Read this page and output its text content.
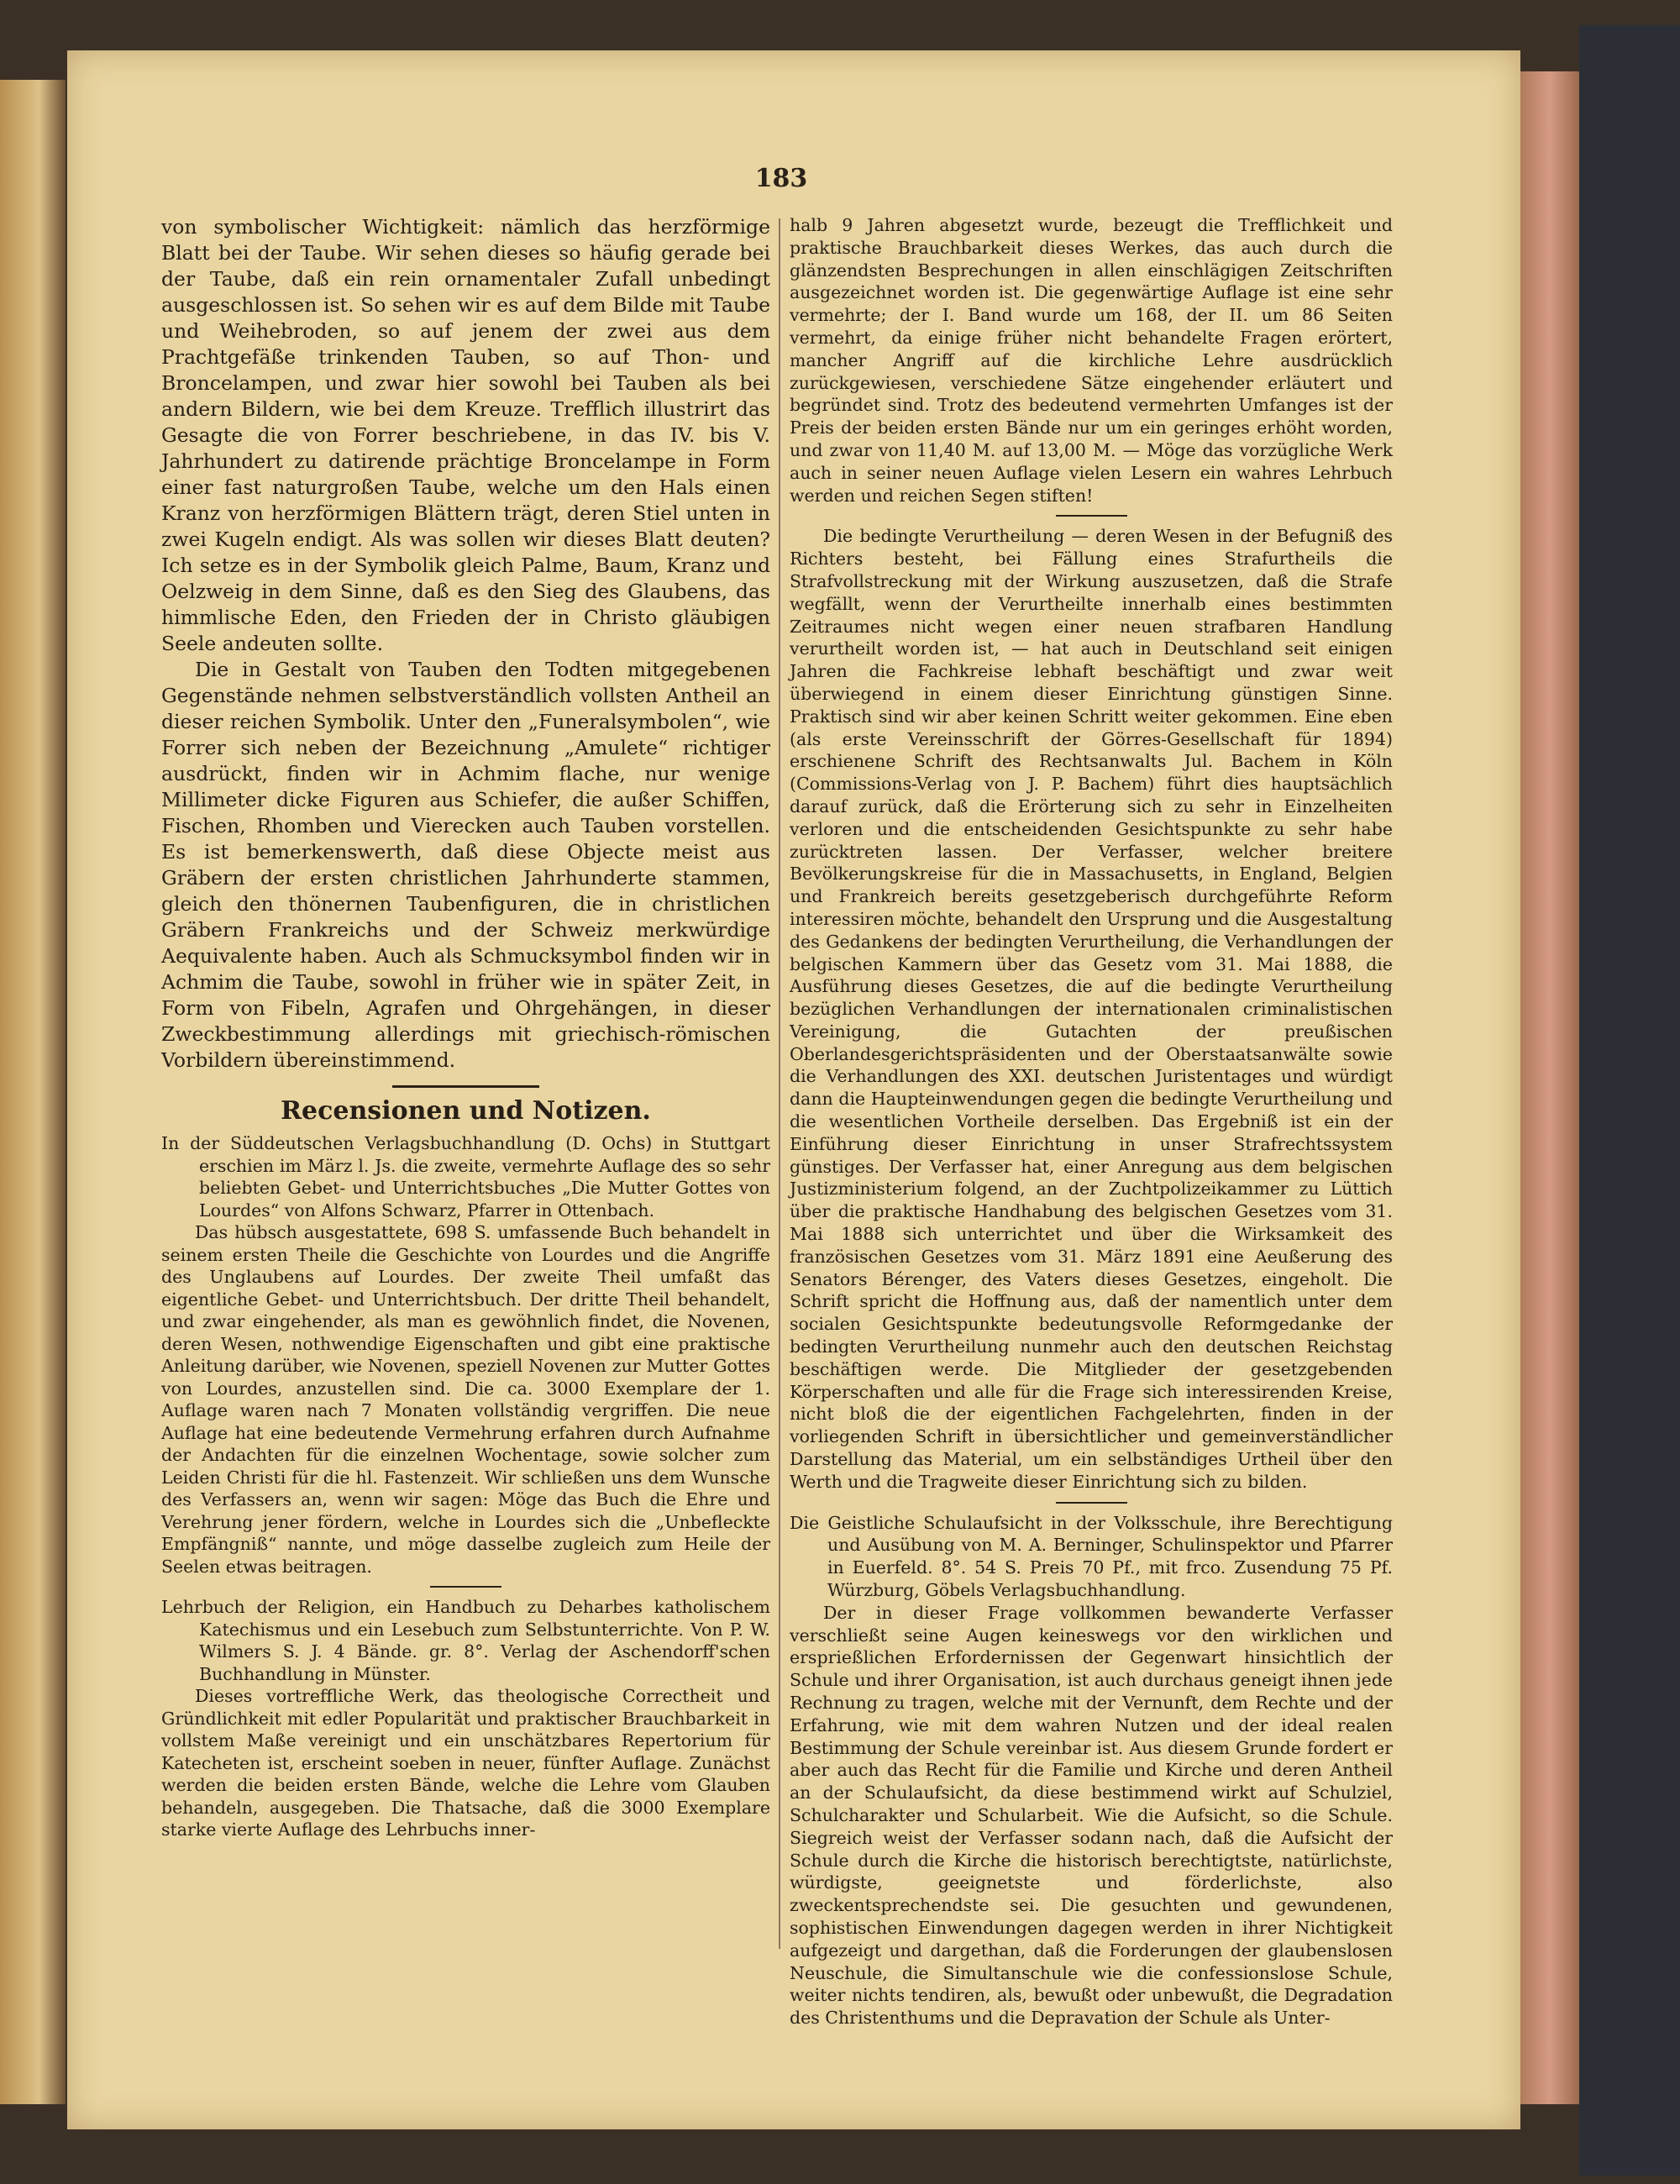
183

von symbolischer Wichtigkeit: nämlich das herzförmige Blatt bei der Taube. Wir sehen dieses so häufig gerade bei der Taube, daß ein rein ornamentaler Zufall unbedingt ausgeschlossen ist. So sehen wir es auf dem Bilde mit Taube und Weihebroden, so auf jenem der zwei aus dem Prachtgefäße trinkenden Tauben, so auf Thon- und Broncelampen, und zwar hier sowohl bei Tauben als bei andern Bildern, wie bei dem Kreuze. Trefflich illustrirt das Gesagte die von Forrer beschriebene, in das IV. bis V. Jahrhundert zu datirende prächtige Broncelampe in Form einer fast naturgroßen Taube, welche um den Hals einen Kranz von herzförmigen Blättern trägt, deren Stiel unten in zwei Kugeln endigt. Als was sollen wir dieses Blatt deuten? Ich setze es in der Symbolik gleich Palme, Baum, Kranz und Oelzweig in dem Sinne, daß es den Sieg des Glaubens, das himmlische Eden, den Frieden der in Christo gläubigen Seele andeuten sollte.

Die in Gestalt von Tauben den Todten mitgegebenen Gegenstände nehmen selbstverständlich vollsten Antheil an dieser reichen Symbolik. Unter den „Funeralsymbolen“, wie Forrer sich neben der Bezeichnung „Amulete“ richtiger ausdrückt, finden wir in Achmim flache, nur wenige Millimeter dicke Figuren aus Schiefer, die außer Schiffen, Fischen, Rhomben und Vierecken auch Tauben vorstellen. Es ist bemerkenswerth, daß diese Objecte meist aus Gräbern der ersten christlichen Jahrhunderte stammen, gleich den thönernen Taubenfiguren, die in christlichen Gräbern Frankreichs und der Schweiz merkwürdige Aequivalente haben. Auch als Schmucksymbol finden wir in Achmim die Taube, sowohl in früher wie in später Zeit, in Form von Fibeln, Agrafen und Ohrgehängen, in dieser Zweckbestimmung allerdings mit griechisch-römischen Vorbildern übereinstimmend.

Recensionen und Notizen.

In der Süddeutschen Verlagsbuchhandlung (D. Ochs) in Stuttgart erschien im März l. Js. die zweite, vermehrte Auflage des so sehr beliebten Gebet- und Unterrichtsbuches „Die Mutter Gottes von Lourdes“ von Alfons Schwarz, Pfarrer in Ottenbach.

Das hübsch ausgestattete, 698 S. umfassende Buch behandelt in seinem ersten Theile die Geschichte von Lourdes und die Angriffe des Unglaubens auf Lourdes. Der zweite Theil umfaßt das eigentliche Gebet- und Unterrichtsbuch. Der dritte Theil behandelt, und zwar eingehender, als man es gewöhnlich findet, die Novenen, deren Wesen, nothwendige Eigenschaften und gibt eine praktische Anleitung darüber, wie Novenen, speziell Novenen zur Mutter Gottes von Lourdes, anzustellen sind. Die ca. 3000 Exemplare der 1. Auflage waren nach 7 Monaten vollständig vergriffen. Die neue Auflage hat eine bedeutende Vermehrung erfahren durch Aufnahme der Andachten für die einzelnen Wochentage, sowie solcher zum Leiden Christi für die hl. Fastenzeit. Wir schließen uns dem Wunsche des Verfassers an, wenn wir sagen: Möge das Buch die Ehre und Verehrung jener fördern, welche in Lourdes sich die „Unbefleckte Empfängniß“ nannte, und möge dasselbe zugleich zum Heile der Seelen etwas beitragen.

Lehrbuch der Religion, ein Handbuch zu Deharbes katholischem Katechismus und ein Lesebuch zum Selbstunterrichte. Von P. W. Wilmers S. J. 4 Bände. gr. 8°. Verlag der Aschendorff'schen Buchhandlung in Münster.

Dieses vortreffliche Werk, das theologische Correctheit und Gründlichkeit mit edler Popularität und praktischer Brauchbarkeit in vollstem Maße vereinigt und ein unschätzbares Repertorium für Katecheten ist, erscheint soeben in neuer, fünfter Auflage. Zunächst werden die beiden ersten Bände, welche die Lehre vom Glauben behandeln, ausgegeben. Die Thatsache, daß die 3000 Exemplare starke vierte Auflage des Lehrbuchs inner-

halb 9 Jahren abgesetzt wurde, bezeugt die Trefflichkeit und praktische Brauchbarkeit dieses Werkes, das auch durch die glänzendsten Besprechungen in allen einschlägigen Zeitschriften ausgezeichnet worden ist. Die gegenwärtige Auflage ist eine sehr vermehrte; der I. Band wurde um 168, der II. um 86 Seiten vermehrt, da einige früher nicht behandelte Fragen erörtert, mancher Angriff auf die kirchliche Lehre ausdrücklich zurückgewiesen, verschiedene Sätze eingehender erläutert und begründet sind. Trotz des bedeutend vermehrten Umfanges ist der Preis der beiden ersten Bände nur um ein geringes erhöht worden, und zwar von 11,40 M. auf 13,00 M. — Möge das vorzügliche Werk auch in seiner neuen Auflage vielen Lesern ein wahres Lehrbuch werden und reichen Segen stiften!

Die bedingte Verurtheilung — deren Wesen in der Befugniß des Richters besteht, bei Fällung eines Strafurtheils die Strafvollstreckung mit der Wirkung auszusetzen, daß die Strafe wegfällt, wenn der Verurtheilte innerhalb eines bestimmten Zeitraumes nicht wegen einer neuen strafbaren Handlung verurtheilt worden ist, — hat auch in Deutschland seit einigen Jahren die Fachkreise lebhaft beschäftigt und zwar weit überwiegend in einem dieser Einrichtung günstigen Sinne. Praktisch sind wir aber keinen Schritt weiter gekommen. Eine eben (als erste Vereinsschrift der Görres-Gesellschaft für 1894) erschienene Schrift des Rechtsanwalts Jul. Bachem in Köln (Commissions-Verlag von J. P. Bachem) führt dies hauptsächlich darauf zurück, daß die Erörterung sich zu sehr in Einzelheiten verloren und die entscheidenden Gesichtspunkte zu sehr habe zurücktreten lassen. Der Verfasser, welcher breitere Bevölkerungskreise für die in Massachusetts, in England, Belgien und Frankreich bereits gesetzgeberisch durchgeführte Reform interessiren möchte, behandelt den Ursprung und die Ausgestaltung des Gedankens der bedingten Verurtheilung, die Verhandlungen der belgischen Kammern über das Gesetz vom 31. Mai 1888, die Ausführung dieses Gesetzes, die auf die bedingte Verurtheilung bezüglichen Verhandlungen der internationalen criminalistischen Vereinigung, die Gutachten der preußischen Oberlandesgerichtspräsidenten und der Oberstaatsanwälte sowie die Verhandlungen des XXI. deutschen Juristentages und würdigt dann die Haupteinwendungen gegen die bedingte Verurtheilung und die wesentlichen Vortheile derselben. Das Ergebniß ist ein der Einführung dieser Einrichtung in unser Strafrechtssystem günstiges. Der Verfasser hat, einer Anregung aus dem belgischen Justizministerium folgend, an der Zuchtpolizeikammer zu Lüttich über die praktische Handhabung des belgischen Gesetzes vom 31. Mai 1888 sich unterrichtet und über die Wirksamkeit des französischen Gesetzes vom 31. März 1891 eine Aeußerung des Senators Bérenger, des Vaters dieses Gesetzes, eingeholt. Die Schrift spricht die Hoffnung aus, daß der namentlich unter dem socialen Gesichtspunkte bedeutungsvolle Reformgedanke der bedingten Verurtheilung nunmehr auch den deutschen Reichstag beschäftigen werde. Die Mitglieder der gesetzgebenden Körperschaften und alle für die Frage sich interessirenden Kreise, nicht bloß die der eigentlichen Fachgelehrten, finden in der vorliegenden Schrift in übersichtlicher und gemeinverständlicher Darstellung das Material, um ein selbständiges Urtheil über den Werth und die Tragweite dieser Einrichtung sich zu bilden.

Die Geistliche Schulaufsicht in der Volksschule, ihre Berechtigung und Ausübung von M. A. Berninger, Schulinspektor und Pfarrer in Euerfeld. 8°. 54 S. Preis 70 Pf., mit frco. Zusendung 75 Pf. Würzburg, Göbels Verlagsbuchhandlung.

Der in dieser Frage vollkommen bewanderte Verfasser verschließt seine Augen keineswegs vor den wirklichen und ersprießlichen Erfordernissen der Gegenwart hinsichtlich der Schule und ihrer Organisation, ist auch durchaus geneigt ihnen jede Rechnung zu tragen, welche mit der Vernunft, dem Rechte und der Erfahrung, wie mit dem wahren Nutzen und der ideal realen Bestimmung der Schule vereinbar ist. Aus diesem Grunde fordert er aber auch das Recht für die Familie und Kirche und deren Antheil an der Schulaufsicht, da diese bestimmend wirkt auf Schulziel, Schulcharakter und Schularbeit. Wie die Aufsicht, so die Schule. Siegreich weist der Verfasser sodann nach, daß die Aufsicht der Schule durch die Kirche die historisch berechtigtste, natürlichste, würdigste, geeignetste und förderlichste, also zweckentsprechendste sei. Die gesuchten und gewundenen, sophistischen Einwendungen dagegen werden in ihrer Nichtigkeit aufgezeigt und dargethan, daß die Forderungen der glaubenslosen Neuschule, die Simultanschule wie die confessionslose Schule, weiter nichts tendiren, als, bewußt oder unbewußt, die Degradation des Christenthums und die Depravation der Schule als Unter-
